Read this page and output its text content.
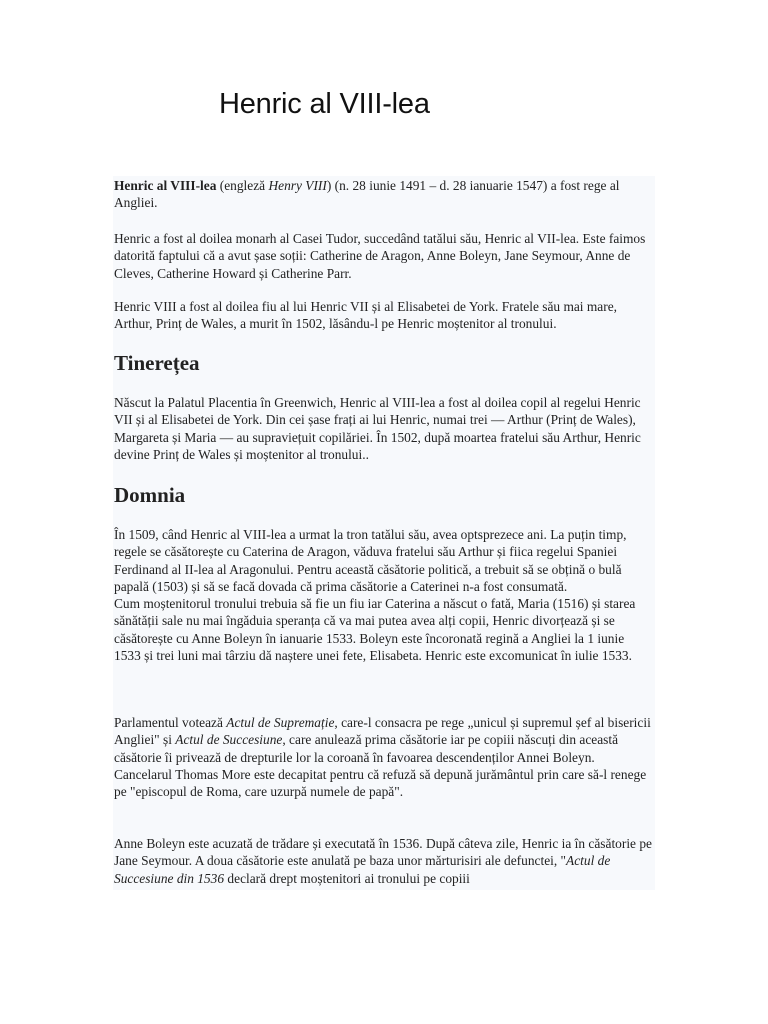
Henric al VIII-lea

Henric al VIII-lea (engleză Henry VIII) (n. 28 iunie 1491 – d. 28 ianuarie 1547) a fost rege al Angliei.

Henric a fost al doilea monarh al Casei Tudor, succedând tatălui său, Henric al VII-lea. Este faimos datorită faptului că a avut șase soții: Catherine de Aragon, Anne Boleyn, Jane Seymour, Anne de Cleves, Catherine Howard și Catherine Parr.

Henric VIII a fost al doilea fiu al lui Henric VII și al Elisabetei de York. Fratele său mai mare, Arthur, Prinț de Wales, a murit în 1502, lăsându-l pe Henric moștenitor al tronului.

Tinerețea

Născut la Palatul Placentia în Greenwich, Henric al VIII-lea a fost al doilea copil al regelui Henric VII și al Elisabetei de York. Din cei șase frați ai lui Henric, numai trei — Arthur (Prinț de Wales), Margareta și Maria — au supraviețuit copilăriei. În 1502, după moartea fratelui său Arthur, Henric devine Prinț de Wales și moștenitor al tronului..

Domnia

În 1509, când Henric al VIII-lea a urmat la tron tatălui său, avea optsprezece ani. La puțin timp, regele se căsătorește cu Caterina de Aragon, văduva fratelui său Arthur și fiica regelui Spaniei Ferdinand al II-lea al Aragonului. Pentru această căsătorie politică, a trebuit să se obțină o bulă papală (1503) și să se facă dovada că prima căsătorie a Caterinei n-a fost consumată.

Cum moștenitorul tronului trebuia să fie un fiu iar Caterina a născut o fată, Maria (1516) și starea sănătății sale nu mai îngăduia speranța că va mai putea avea alți copii, Henric divorțează și se căsătorește cu Anne Boleyn în ianuarie 1533. Boleyn este încoronată regină a Angliei la 1 iunie 1533 și trei luni mai târziu dă naștere unei fete, Elisabeta. Henric este excomunicat în iulie 1533.

Parlamentul votează Actul de Supremație, care-l consacra pe rege „unicul și supremul șef al bisericii Angliei" și Actul de Succesiune, care anulează prima căsătorie iar pe copiii născuți din această căsătorie îi privează de drepturile lor la coroană în favoarea descendenților Annei Boleyn. Cancelarul Thomas More este decapitat pentru că refuză să depună jurământul prin care să-l renege pe "episcopul de Roma, care uzurpă numele de papă".

Anne Boleyn este acuzată de trădare și executată în 1536. După câteva zile, Henric ia în căsătorie pe Jane Seymour. A doua căsătorie este anulată pe baza unor mărturisiri ale defunctei, "Actul de Succesiune din 1536 declară drept moștenitori ai tronului pe copiii
